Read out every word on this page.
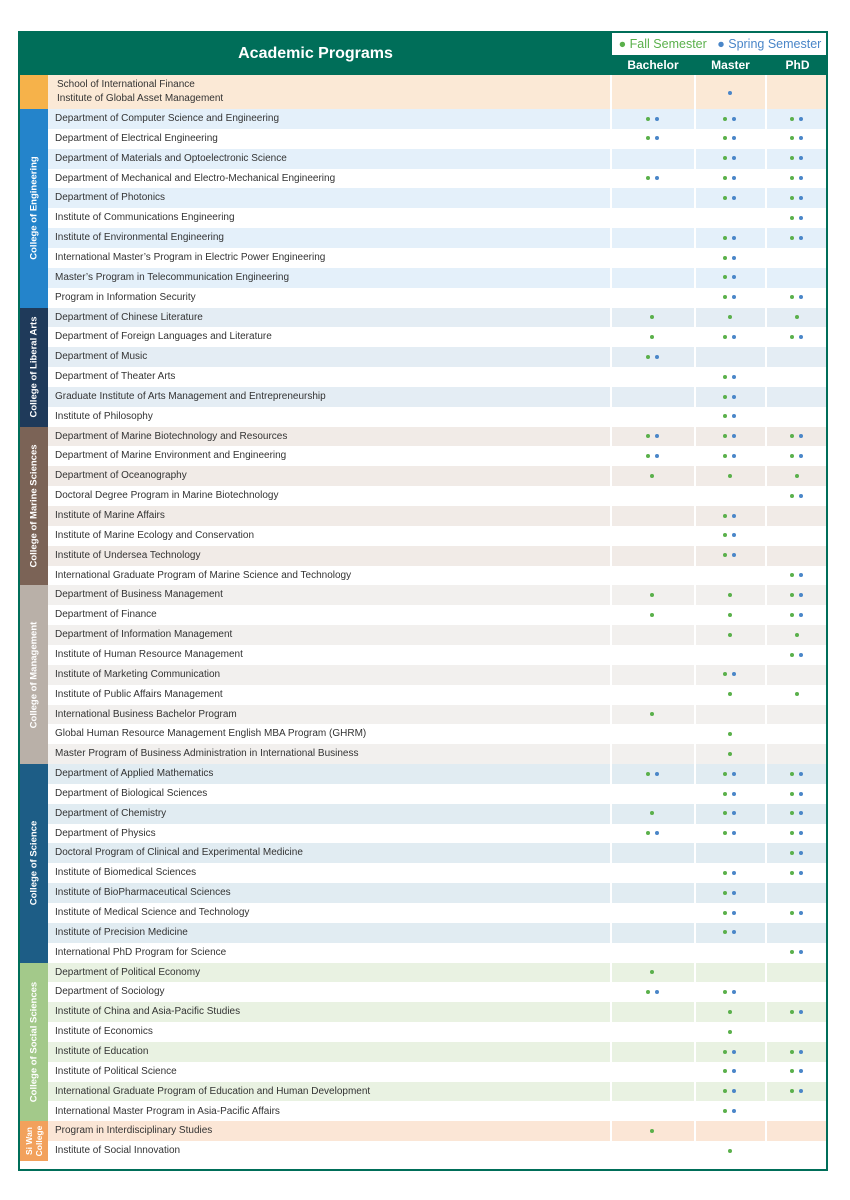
Academic Programs
● Fall Semester ● Spring Semester
Bachelor	Master	PhD
School of International Finance
Institute of Global Asset Management
Department of Computer Science and Engineering
Department of Electrical Engineering
Department of Materials and Optoelectronic Science
Department of Mechanical and Electro-Mechanical Engineering
Department of Photonics
Institute of Communications Engineering
Institute of Environmental Engineering
International Master’s Program in Electric Power Engineering
Master’s Program in Telecommunication Engineering
Program in Information Security
College of Engineering
Department of Chinese Literature
Department of Foreign Languages and Literature
Department of Music
Department of Theater Arts
Graduate Institute of Arts Management and Entrepreneurship
Institute of Philosophy
College of Liberal Arts
Department of Marine Biotechnology and Resources
Department of Marine Environment and Engineering
Department of Oceanography
Doctoral Degree Program in Marine Biotechnology
Institute of Marine Affairs
Institute of Marine Ecology and Conservation
Institute of Undersea Technology
International Graduate Program of Marine Science and Technology
College of Marine Sciences
Department of Business Management
Department of Finance
Department of Information Management
Institute of Human Resource Management
Institute of Marketing Communication
Institute of Public Affairs Management
International Business Bachelor Program
Global Human Resource Management English MBA Program (GHRM)
Master Program of Business Administration in International Business
College of Management
Department of Applied Mathematics
Department of Biological Sciences
Department of Chemistry
Department of Physics
Doctoral Program of Clinical and Experimental Medicine
Institute of Biomedical Sciences
Institute of BioPharmaceutical Sciences
Institute of Medical Science and Technology
Institute of Precision Medicine
International PhD Program for Science
College of Science
Department of Political Economy
Department of Sociology
Institute of China and Asia-Pacific Studies
Institute of Economics
Institute of Education
Institute of Political Science
International Graduate Program of Education and Human Development
International Master Program in Asia-Pacific Affairs
College of Social Sciences
Program in Interdisciplinary Studies
Institute of Social Innovation
Si Wan College
